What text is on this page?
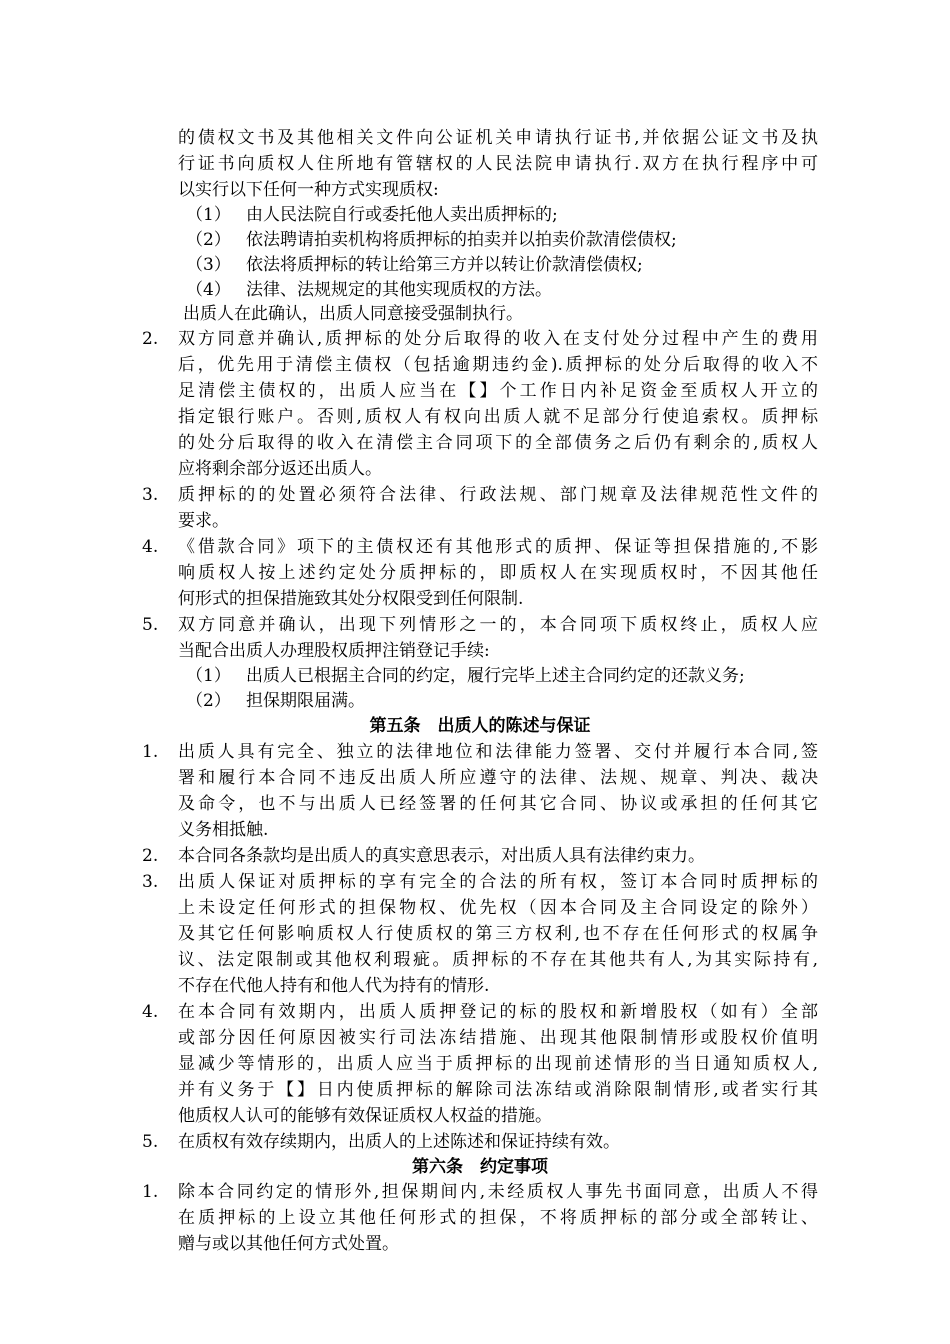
的债权文书及其他相关文件向公证机关申请执行证书,并依据公证文书及执
行证书向质权人住所地有管辖权的人民法院申请执行.双方在执行程序中可
以实行以下任何一种方式实现质权:
（1） 由人民法院自行或委托他人卖出质押标的;
（2） 依法聘请拍卖机构将质押标的拍卖并以拍卖价款清偿债权;
（3） 依法将质押标的转让给第三方并以转让价款清偿债权;
（4） 法律、法规规定的其他实现质权的方法。
出质人在此确认，出质人同意接受强制执行。
2.	双方同意并确认,质押标的处分后取得的收入在支付处分过程中产生的费用
后，优先用于清偿主债权（包括逾期违约金).质押标的处分后取得的收入不
足清偿主债权的，出质人应当在【】个工作日内补足资金至质权人开立的
指定银行账户。否则,质权人有权向出质人就不足部分行使追索权。质押标
的处分后取得的收入在清偿主合同项下的全部债务之后仍有剩余的,质权人
应将剩余部分返还出质人。
3.	质押标的的处置必须符合法律、行政法规、部门规章及法律规范性文件的
要求。
4.	《借款合同》项下的主债权还有其他形式的质押、保证等担保措施的,不影
响质权人按上述约定处分质押标的，即质权人在实现质权时，不因其他任
何形式的担保措施致其处分权限受到任何限制.
5.	双方同意并确认，出现下列情形之一的，本合同项下质权终止，质权人应
当配合出质人办理股权质押注销登记手续:
（1） 出质人已根据主合同的约定，履行完毕上述主合同约定的还款义务;
（2） 担保期限届满。
第五条　出质人的陈述与保证
1.	出质人具有完全、独立的法律地位和法律能力签署、交付并履行本合同,签
署和履行本合同不违反出质人所应遵守的法律、法规、规章、判决、裁决
及命令，也不与出质人已经签署的任何其它合同、协议或承担的任何其它
义务相抵触.
2.	本合同各条款均是出质人的真实意思表示，对出质人具有法律约束力。
3.	出质人保证对质押标的享有完全的合法的所有权，签订本合同时质押标的
上未设定任何形式的担保物权、优先权（因本合同及主合同设定的除外）
及其它任何影响质权人行使质权的第三方权利,也不存在任何形式的权属争
议、法定限制或其他权利瑕疵。质押标的不存在其他共有人,为其实际持有,
不存在代他人持有和他人代为持有的情形.
4.	在本合同有效期内，出质人质押登记的标的股权和新增股权（如有）全部
或部分因任何原因被实行司法冻结措施、出现其他限制情形或股权价值明
显减少等情形的，出质人应当于质押标的出现前述情形的当日通知质权人,
并有义务于【】日内使质押标的解除司法冻结或消除限制情形,或者实行其
他质权人认可的能够有效保证质权人权益的措施。
5.	在质权有效存续期内，出质人的上述陈述和保证持续有效。
第六条　约定事项
1.	除本合同约定的情形外,担保期间内,未经质权人事先书面同意，出质人不得
在质押标的上设立其他任何形式的担保，不将质押标的部分或全部转让、
赠与或以其他任何方式处置。
